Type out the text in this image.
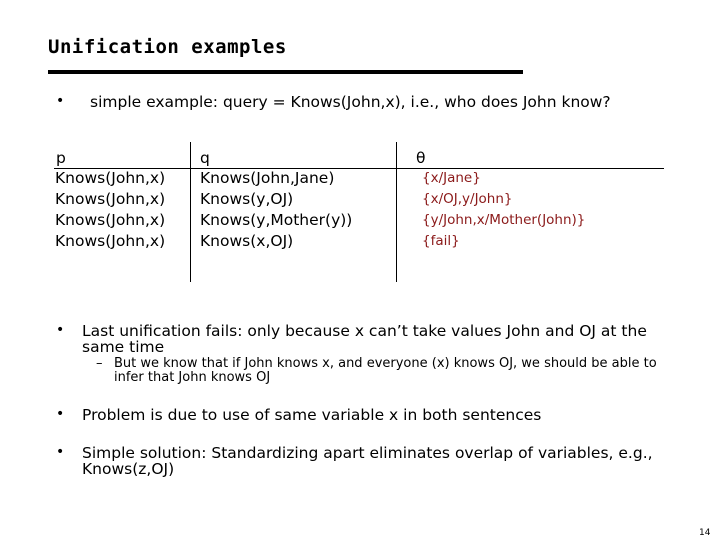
Unification examples
• simple example: query = Knows(John,x), i.e., who does John know?
p	q	θ
Knows(John,x)
Knows(John,x)
Knows(John,x)
Knows(John,x)
Knows(John,Jane)
Knows(y,OJ)
Knows(y,Mother(y))
Knows(x,OJ)
{x/Jane}
{x/OJ,y/John}
{y/John,x/Mother(John)}
{fail}
• Last unification fails: only because x can’t take values John and OJ at the same time
– But we know that if John knows x, and everyone (x) knows OJ, we should be able to infer that John knows OJ
• Problem is due to use of same variable x in both sentences
• Simple solution: Standardizing apart eliminates overlap of variables, e.g., Knows(z,OJ)
14
